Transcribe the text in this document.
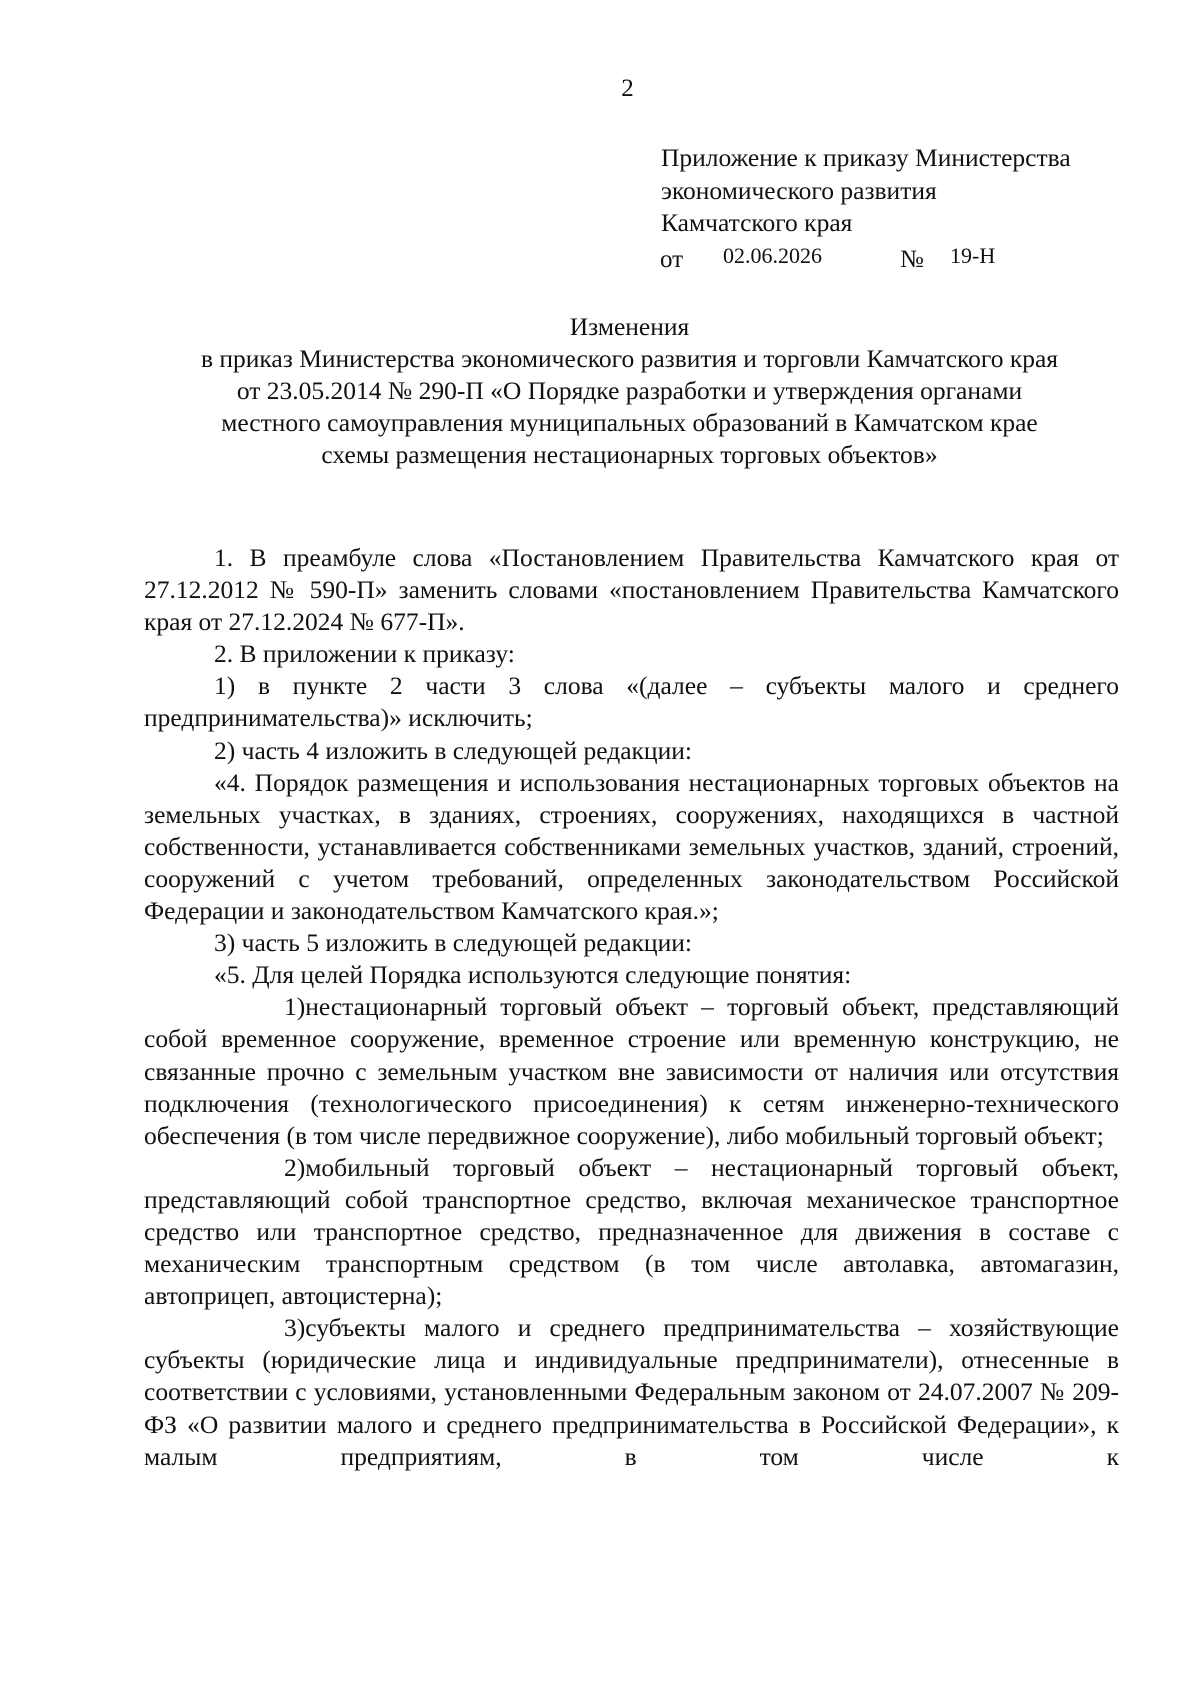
2
Приложение к приказу Министерства
экономического развития
Камчатского края
от 02.06.2026	№ 19-Н
Изменения
в приказ Министерства экономического развития и торговли Камчатского края
от 23.05.2014 № 290-П «О Порядке разработки и утверждения органами
местного самоуправления муниципальных образований в Камчатском крае
схемы размещения нестационарных торговых объектов»

1. В преамбуле слова «Постановлением Правительства Камчатского края от 27.12.2012 № 590-П» заменить словами «постановлением Правительства Камчатского края от 27.12.2024 № 677-П».

2. В приложении к приказу:

1) в пункте 2 части 3 слова «(далее – субъекты малого и среднего предпринимательства)» исключить;

2) часть 4 изложить в следующей редакции:

«4. Порядок размещения и использования нестационарных торговых объектов на земельных участках, в зданиях, строениях, сооружениях, находящихся в частной собственности, устанавливается собственниками земельных участков, зданий, строений, сооружений с учетом требований, определенных законодательством Российской Федерации и законодательством Камчатского края.»;

3) часть 5 изложить в следующей редакции:

«5. Для целей Порядка используются следующие понятия:

1)нестационарный торговый объект – торговый объект, представляющий собой временное сооружение, временное строение или временную конструкцию, не связанные прочно с земельным участком вне зависимости от наличия или отсутствия подключения (технологического присоединения) к сетям инженерно-технического обеспечения (в том числе передвижное сооружение), либо мобильный торговый объект;

2)мобильный торговый объект – нестационарный торговый объект, представляющий собой транспортное средство, включая механическое транспортное средство или транспортное средство, предназначенное для движения в составе с механическим транспортным средством (в том числе автолавка, автомагазин, автоприцеп, автоцистерна);

3)субъекты малого и среднего предпринимательства – хозяйствующие субъекты (юридические лица и индивидуальные предприниматели), отнесенные в соответствии с условиями, установленными Федеральным законом от 24.07.2007 № 209-ФЗ «О развитии малого и среднего предпринимательства в Российской Федерации», к малым предприятиям, в том числе к
